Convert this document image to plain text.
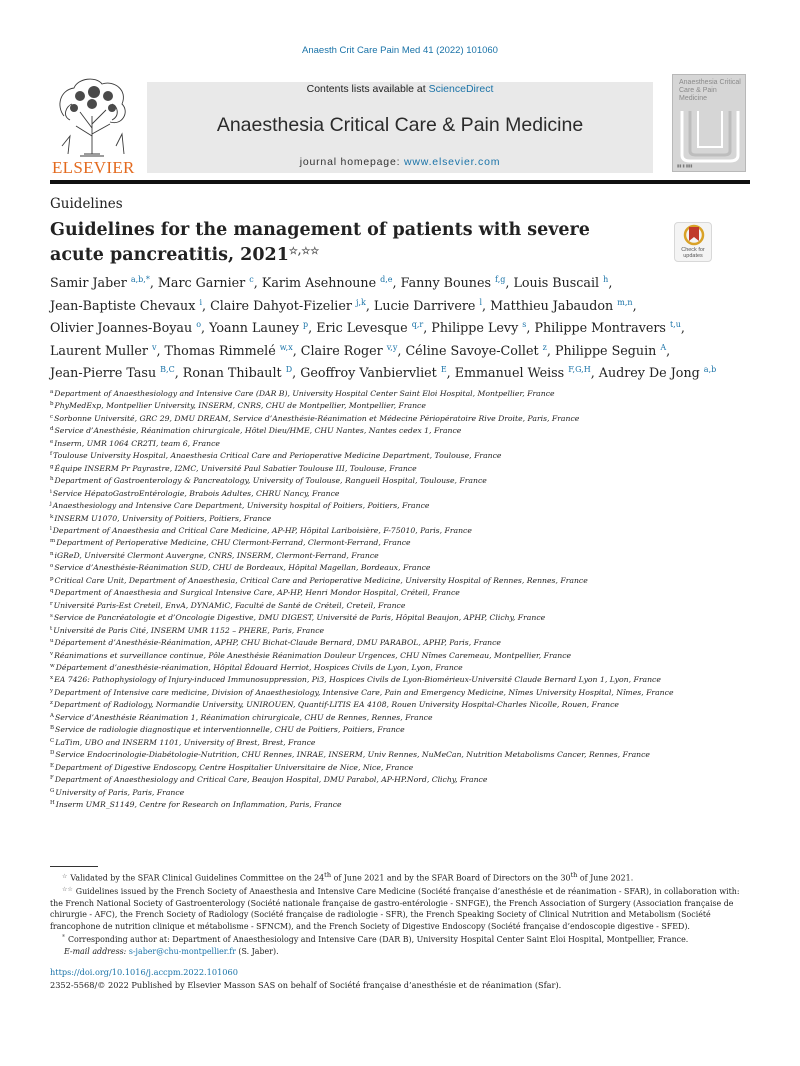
Anaesth Crit Care Pain Med 41 (2022) 101060
ELSEVIER
Contents lists available at ScienceDirect
Anaesthesia Critical Care & Pain Medicine
journal homepage: www.elsevier.com
Anaesthesia Critical Care & Pain Medicine
▮▮ ▮ ▮▮▮
Guidelines
Guidelines for the management of patients with severe acute pancreatitis, 2021☆,☆☆	Check for updates
Samir Jaber $^{a,b,*}$, Marc Garnier $^c$, Karim Asehnoune $^{d,e}$, Fanny Bounes $^{f,g}$, Louis Buscail $^h$, Jean-Baptiste Chevaux $^i$, Claire Dahyot-Fizelier $^{j,k}$, Lucie Darrivere $^l$, Matthieu Jabaudon $^{m,n}$, Olivier Joannes-Boyau $^o$, Yoann Launey $^p$, Eric Levesque $^{q,r}$, Philippe Levy $^s$, Philippe Montravers $^{t,u}$, Laurent Muller $^v$, Thomas Rimmelé $^{w,x}$, Claire Roger $^{v,y}$, Céline Savoye-Collet $^z$, Philippe Seguin $^A$, Jean-Pierre Tasu $^{B,C}$, Ronan Thibault $^D$, Geoffroy Vanbiervliet $^E$, Emmanuel Weiss $^{F,G,H}$, Audrey De Jong $^{a,b}$
$^a$Department of Anaesthesiology and Intensive Care (DAR B), University Hospital Center Saint Eloi Hospital, Montpellier, France
$^b$PhyMedExp, Montpellier University, INSERM, CNRS, CHU de Montpellier, Montpellier, France
$^c$Sorbonne Université, GRC 29, DMU DREAM, Service d’Anesthésie-Réanimation et Médecine Périopératoire Rive Droite, Paris, France
$^d$Service d’Anesthésie, Réanimation chirurgicale, Hôtel Dieu/HME, CHU Nantes, Nantes cedex 1, France
$^e$Inserm, UMR 1064 CR2TI, team 6, France
$^f$Toulouse University Hospital, Anaesthesia Critical Care and Perioperative Medicine Department, Toulouse, France
$^g$Équipe INSERM Pr Payrastre, I2MC, Université Paul Sabatier Toulouse III, Toulouse, France
$^h$Department of Gastroenterology & Pancreatology, University of Toulouse, Rangueil Hospital, Toulouse, France
$^i$Service HépatoGastroEntérologie, Brabois Adultes, CHRU Nancy, France
$^j$Anaesthesiology and Intensive Care Department, University hospital of Poitiers, Poitiers, France
$^k$INSERM U1070, University of Poitiers, Poitiers, France
$^l$Department of Anaesthesia and Critical Care Medicine, AP-HP, Hôpital Lariboisière, F-75010, Paris, France
$^m$Department of Perioperative Medicine, CHU Clermont-Ferrand, Clermont-Ferrand, France
$^n$iGReD, Université Clermont Auvergne, CNRS, INSERM, Clermont-Ferrand, France
$^o$Service d’Anesthésie-Réanimation SUD, CHU de Bordeaux, Hôpital Magellan, Bordeaux, France
$^p$Critical Care Unit, Department of Anaesthesia, Critical Care and Perioperative Medicine, University Hospital of Rennes, Rennes, France
$^q$Department of Anaesthesia and Surgical Intensive Care, AP-HP, Henri Mondor Hospital, Créteil, France
$^r$Université Paris-Est Creteil, EnvA, DYNAMiC, Faculté de Santé de Créteil, Creteil, France
$^s$Service de Pancréatologie et d’Oncologie Digestive, DMU DIGEST, Université de Paris, Hôpital Beaujon, APHP, Clichy, France
$^t$Université de Paris Cité, INSERM UMR 1152 – PHERE, Paris, France
$^u$Département d’Anesthésie-Réanimation, APHP, CHU Bichat-Claude Bernard, DMU PARABOL, APHP, Paris, France
$^v$Réanimations et surveillance continue, Pôle Anesthésie Réanimation Douleur Urgences, CHU Nîmes Caremeau, Montpellier, France
$^w$Département d’anesthésie-réanimation, Hôpital Édouard Herriot, Hospices Civils de Lyon, Lyon, France
$^x$EA 7426: Pathophysiology of Injury-induced Immunosuppression, Pi3, Hospices Civils de Lyon-Biomérieux-Université Claude Bernard Lyon 1, Lyon, France
$^y$Department of Intensive care medicine, Division of Anaesthesiology, Intensive Care, Pain and Emergency Medicine, Nîmes University Hospital, Nîmes, France
$^z$Department of Radiology, Normandie University, UNIROUEN, Quantif-LITIS EA 4108, Rouen University Hospital-Charles Nicolle, Rouen, France
$^A$Service d’Anesthésie Réanimation 1, Réanimation chirurgicale, CHU de Rennes, Rennes, France
$^B$Service de radiologie diagnostique et interventionnelle, CHU de Poitiers, Poitiers, France
$^C$LaTim, UBO and INSERM 1101, University of Brest, Brest, France
$^D$Service Endocrinologie-Diabétologie-Nutrition, CHU Rennes, INRAE, INSERM, Univ Rennes, NuMeCan, Nutrition Metabolisms Cancer, Rennes, France
$^E$Department of Digestive Endoscopy, Centre Hospitalier Universitaire de Nice, Nice, France
$^F$Department of Anaesthesiology and Critical Care, Beaujon Hospital, DMU Parabol, AP-HP.Nord, Clichy, France
$^G$University of Paris, Paris, France
$^H$Inserm UMR_S1149, Centre for Research on Inflammation, Paris, France

☆ Validated by the SFAR Clinical Guidelines Committee on the 24th of June 2021 and by the SFAR Board of Directors on the 30th of June 2021.

☆☆ Guidelines issued by the French Society of Anaesthesia and Intensive Care Medicine (Société française d’anesthésie et de réanimation - SFAR), in collaboration with: the French National Society of Gastroenterology (Société nationale française de gastro-entérologie - SNFGE), the French Association of Surgery (Association française de chirurgie - AFC), the French Society of Radiology (Société française de radiologie - SFR), the French Speaking Society of Clinical Nutrition and Metabolism (Société francophone de nutrition clinique et métabolisme - SFNCM), and the French Society of Digestive Endoscopy (Société française d’endoscopie digestive - SFED).

* Corresponding author at: Department of Anaesthesiology and Intensive Care (DAR B), University Hospital Center Saint Eloi Hospital, Montpellier, France.

E-mail address: s-jaber@chu-montpellier.fr (S. Jaber).

https://doi.org/10.1016/j.accpm.2022.101060
2352-5568/© 2022 Published by Elsevier Masson SAS on behalf of Société française d’anesthésie et de réanimation (Sfar).
